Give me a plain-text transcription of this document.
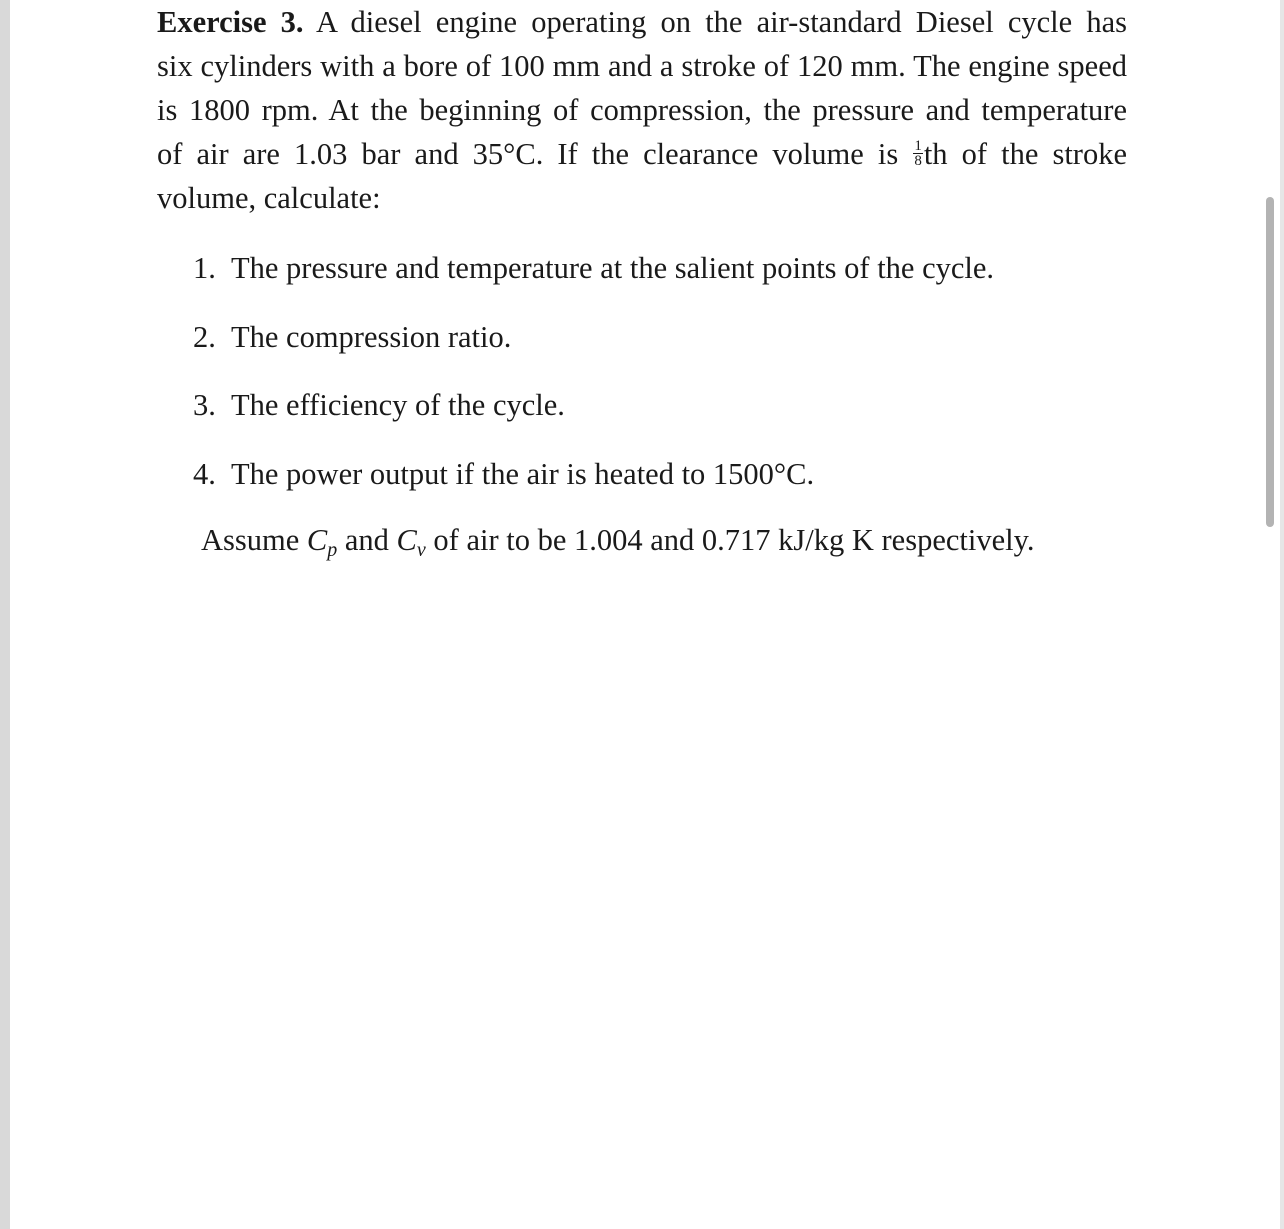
Exercise 3. A diesel engine operating on the air-standard Diesel cycle has
six cylinders with a bore of 100 mm and a stroke of 120 mm. The engine speed
is 1800 rpm. At the beginning of compression, the pressure and temperature
of air are 1.03 bar and 35°C. If the clearance volume is $\frac{1}{8}$ th of the stroke
volume, calculate:

1. The pressure and temperature at the salient points of the cycle.
2. The compression ratio.
3. The efficiency of the cycle.
4. The power output if the air is heated to 1500°C.

Assume Cp and Cv of air to be 1.004 and 0.717 kJ/kg K respectively.
